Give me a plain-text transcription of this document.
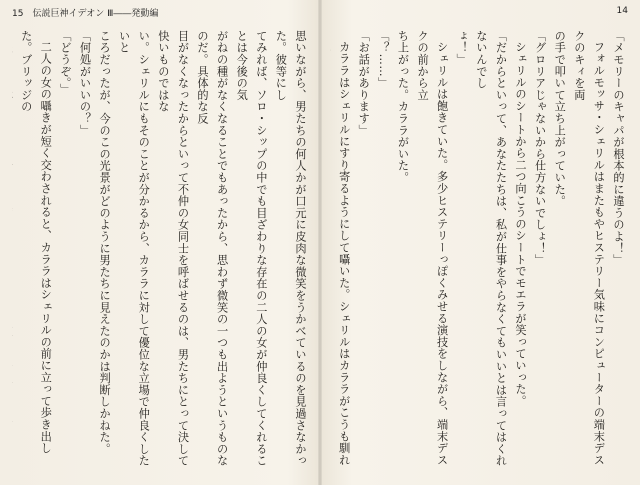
15　伝説巨神イデオン Ⅲ――発動編

思いながら、男たちの何人かが口元に皮肉な微笑をうかべているのを見過さなかった。彼等にし

てみれば、ソロ・シップの中でも目ざわりな存在の二人の女が仲良くしてくれることは今後の気

がねの種がなくなることでもあったから、思わず微笑の一つも出ようというものなのだ。具体的な反

目がなくなったからといって不仲の女同士を呼ばせるのは、男たちにとって決して快いものではな

い。シェリルにもそのことが分かるから、カララに対して優位な立場で仲良くしたいと

ころだったが、今のこの光景がどのように男たちに見えたのかは判断しかねた。

「何処がいいの？」

「どうぞ。」

二人の女の囁きが短く交わされると、カララはシェリルの前に立って歩き出した。ブリッジの

14

「メモリーのキャパが根本的に違うのよ！」

フォルモッサ・シェリルはまたもやヒステリー気味にコンピューターの端末デスクのキィを両

の手で叩いて立ち上がっていた。

「グロリアじゃないから仕方ないでしょ！」

シェリルのシートから二つ向こうのシートでモエラが笑っていった。

「だからといって、あなたたちは、私が仕事をやらなくてもいいとは言ってはくれないんでし

ょ！」

シェリルは飽きていた。多少ヒステリーっぽくみせる演技をしながら、端末デスクの前から立

ち上がった。カララがいた。

「？……」

「お話があります」

カララはシェリルにすり寄るようにして囁いた。シェリルはカララがこうも馴れ
